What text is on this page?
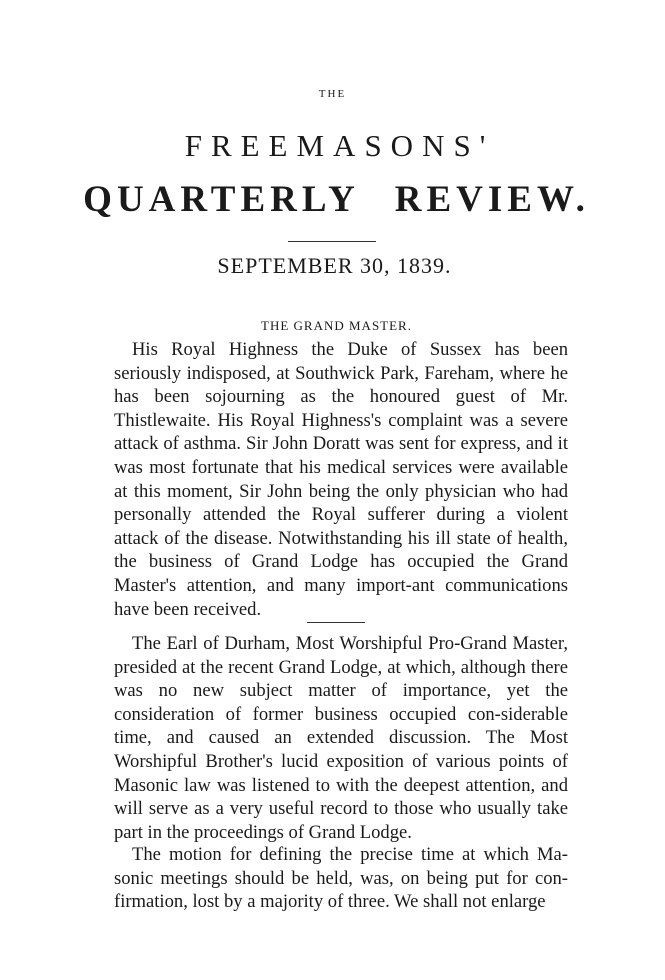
THE
FREEMASONS'
QUARTERLY REVIEW.
SEPTEMBER 30, 1839.
THE GRAND MASTER.

His Royal Highness the Duke of Sussex has been seriously indisposed, at Southwick Park, Fareham, where he has been sojourning as the honoured guest of Mr. Thistlewaite. His Royal Highness's complaint was a severe attack of asthma. Sir John Doratt was sent for express, and it was most fortunate that his medical services were available at this moment, Sir John being the only physician who had personally attended the Royal sufferer during a violent attack of the disease. Notwithstanding his ill state of health, the business of Grand Lodge has occupied the Grand Master's attention, and many import-ant communications have been received.

The Earl of Durham, Most Worshipful Pro-Grand Master, presided at the recent Grand Lodge, at which, although there was no new subject matter of importance, yet the consideration of former business occupied con-siderable time, and caused an extended discussion. The Most Worshipful Brother's lucid exposition of various points of Masonic law was listened to with the deepest attention, and will serve as a very useful record to those who usually take part in the proceedings of Grand Lodge.

The motion for defining the precise time at which Ma-sonic meetings should be held, was, on being put for con-firmation, lost by a majority of three. We shall not enlarge
